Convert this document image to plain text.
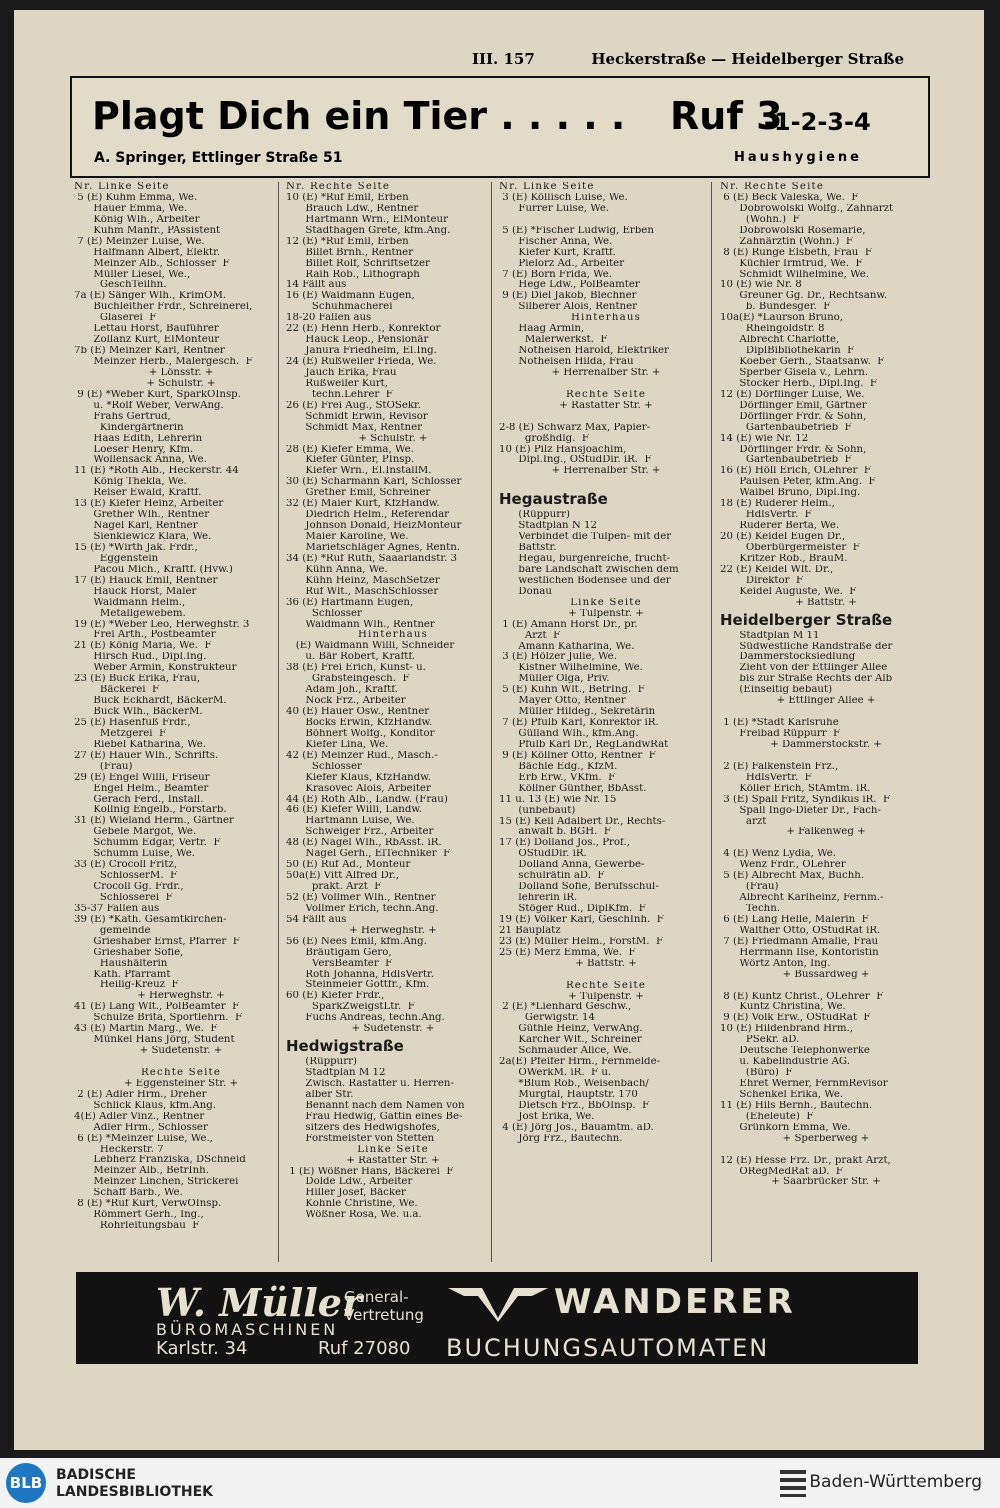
III. 157	Heckerstraße — Heidelberger Straße
Plagt Dich ein Tier . . . . . Ruf 3
-1-2-3-4
A. Springer, Ettlinger Straße 51	Haushygiene
Nr. Linke Seite
5 (E) Kuhm Emma, We.
Hauer Emma, We.
König Wlh., Arbeiter
Kuhm Manfr., PAssistent
7 (E) Meinzer Luise, We.
Halfmann Albert, Elektr.
Meinzer Alb., Schlosser  F
Müller Liesel, We.,
GeschTeilhn.
7a (E) Sänger Wlh., KrimOM.
Buchleither Frdr., Schreinerei,
Glaserei  F
Lettau Horst, Bauführer
Zollanz Kurt, ElMonteur
7b (E) Meinzer Karl, Rentner
Meinzer Herb., Malergesch.  F
+ Lönsstr. +
+ Schulstr. +
9 (E) *Weber Kurt, SparkOInsp.
u. *Rolf Weber, VerwAng.
Frahs Gertrud,
Kindergärtnerin
Haas Edith, Lehrerin
Loeser Henry, Kfm.
Wollensack Anna, We.
11 (E) *Roth Alb., Heckerstr. 44
König Thekla, We.
Reiser Ewald, Kraftf.
13 (E) Kiefer Heinz, Arbeiter
Grether Wlh., Rentner
Nagel Karl, Rentner
Sienkiewicz Klara, We.
15 (E) *Wirth Jak. Frdr.,
Eggenstein
Pacou Mich., Kraftf. (Hvw.)
17 (E) Hauck Emil, Rentner
Hauck Horst, Maler
Waidmann Helm.,
Metallgewebem.
19 (E) *Weber Leo, Herweghstr. 3
Frei Arth., Postbeamter
21 (E) König Maria, We.  F
Hirsch Rud., Dipl.Ing.
Weber Armin, Konstrukteur
23 (E) Buck Erika, Frau,
Bäckerei  F
Buck Eckhardt, BäckerM.
Buck Wlh., BäckerM.
25 (E) Hasenfuß Frdr.,
Metzgerei  F
Riebel Katharina, We.
27 (E) Hauer Wlh., Schrifts.
(Frau)
29 (E) Engel Willi, Friseur
Engel Helm., Beamter
Gerach Ferd., Install.
Kollnig Engelb., Forstarb.
31 (E) Wieland Herm., Gärtner
Gebele Margot, We.
Schumm Edgar, Vertr.  F
Schumm Luise, We.
33 (E) Crocoll Fritz,
SchlosserM.  F
Crocoll Gg. Frdr.,
Schlosserei  F
35-37 Fallen aus
39 (E) *Kath. Gesamtkirchen-
gemeinde
Grieshaber Ernst, Pfarrer  F
Grieshaber Sofie,
Haushälterin
Kath. Pfarramt
Heilig-Kreuz  F
+ Herweghstr. +
41 (E) Lang Wlt., PolBeamter  F
Schulze Brita, Sportlehrn.  F
43 (E) Martin Marg., We.  F
Münkel Hans Jörg, Student
+ Sudetenstr. +
Rechte Seite
+ Eggensteiner Str. +
2 (E) Adler Hrm., Dreher
Schlick Klaus, kfm.Ang.
4(E) Adler Vinz., Rentner
Adler Hrm., Schlosser
6 (E) *Meinzer Luise, We.,
Heckerstr. 7
Lebherz Franziska, DSchneid
Meinzer Alb., BetrInh.
Meinzer Linchen, Strickerei
Schaff Barb., We.
8 (E) *Ruf Kurt, VerwOInsp.
Römmert Gerh., Ing.,
Rohrleitungsbau  F
Nr. Rechte Seite
10 (E) *Ruf Emil, Erben
Brauch Ldw., Rentner
Hartmann Wrn., ElMonteur
Stadthagen Grete, kfm.Ang.
12 (E) *Ruf Emil, Erben
Billet Brnh., Rentner
Billet Rolf, Schriftsetzer
Raih Rob., Lithograph
14 Fällt aus
16 (E) Waidmann Eugen,
Schuhmacherei
18-20 Fallen aus
22 (E) Henn Herb., Konrektor
Hauck Leop., Pensionär
Janura Friedhelm, El.Ing.
24 (E) Rußweiler Frieda, We.
Jauch Erika, Frau
Rußweiler Kurt,
techn.Lehrer  F
26 (E) Frei Aug., StOSekr.
Schmidt Erwin, Revisor
Schmidt Max, Rentner
+ Schulstr. +
28 (E) Kiefer Emma, We.
Kiefer Günter, PInsp.
Kiefer Wrn., El.InstallM.
30 (E) Scharmann Karl, Schlosser
Grether Emil, Schreiner
32 (E) Maier Kurt, KfzHandw.
Diedrich Helm., Referendar
Johnson Donald, HeizMonteur
Maier Karoline, We.
Marietschläger Agnes, Rentn.
34 (E) *Ruf Ruth, Saaarlandstr. 3
Kühn Anna, We.
Kühn Heinz, MaschSetzer
Ruf Wlt., MaschSchlosser
36 (E) Hartmann Eugen,
Schlosser
Waidmann Wlh., Rentner
Hinterhaus
(E) Waidmann Willi, Schneider
u. Bär Robert, Kraftf.
38 (E) Frei Erich, Kunst- u.
Grabsteingesch.  F
Adam Joh., Kraftf.
Nock Frz., Arbeiter
40 (E) Hauer Osw., Rentner
Bocks Erwin, KfzHandw.
Böhnert Wolfg., Konditor
Kiefer Lina, We.
42 (E) Meinzer Rud., Masch.-
Schlosser
Kiefer Klaus, KfzHandw.
Krasovec Alois, Arbeiter
44 (E) Roth Alb., Landw. (Frau)
46 (E) Kiefer Willi, Landw.
Hartmann Luise, We.
Schweiger Frz., Arbeiter
48 (E) Nagel Wlh., RbAsst. iR.
Nagel Gerh., ElTechniker  F
50 (E) Ruf Ad., Monteur
50a(E) Vitt Alfred Dr.,
prakt. Arzt  F
52 (E) Vollmer Wlh., Rentner
Vollmer Erich, techn.Ang.
54 Fällt aus
+ Herweghstr. +
56 (E) Nees Emil, kfm.Ang.
Bräutigam Gero,
VersBeamter  F
Roth Johanna, HdlsVertr.
Steinmeier Gottfr., Kfm.
60 (E) Kiefer Frdr.,
SparkZweigstLtr.  F
Fuchs Andreas, techn.Ang.
+ Sudetenstr. +
Hedwigstraße
(Rüppurr)
Stadtplan M 12
Zwisch. Rastatter u. Herren-
alber Str.
Benannt nach dem Namen von
Frau Hedwig, Gattin eines Be-
sitzers des Hedwigshofes,
Forstmeister von Stetten
Linke Seite
+ Rastatter Str. +
1 (E) Wößner Hans, Bäckerei  F
Dolde Ldw., Arbeiter
Hiller Josef, Bäcker
Kohnle Christine, We.
Wößner Rosa, We. u.a.
Nr. Linke Seite
3 (E) Köllisch Luise, We.
Furrer Luise, We.
5 (E) *Fischer Ludwig, Erben
Fischer Anna, We.
Kiefer Kurt, Kraftf.
Pielorz Ad., Arbeiter
7 (E) Born Frida, We.
Hege Ldw., PolBeamter
9 (E) Diel Jakob, Blechner
Silberer Alois, Rentner
Hinterhaus
Haag Armin,
Malerwerkst.  F
Notheisen Harold, Elektriker
Notheisen Hilda, Frau
+ Herrenalber Str. +
Rechte Seite
+ Rastatter Str. +
2-8 (E) Schwarz Max, Papier-
großhdlg.  F
10 (E) Pilz Hansjoachim,
Dipl.Ing., OStudDir. iR.  F
+ Herrenalber Str. +
Hegaustraße
(Rüppurr)
Stadtplan N 12
Verbindet die Tulpen- mit der
Battstr.
Hegau, burgenreiche, frucht-
bare Landschaft zwischen dem
westlichen Bodensee und der
Donau
Linke Seite
+ Tulpenstr. +
1 (E) Amann Horst Dr., pr.
Arzt  F
Amann Katharina, We.
3 (E) Hölzer Julie, We.
Kistner Wilhelmine, We.
Müller Olga, Priv.
5 (E) Kuhn Wlt., BetrIng.  F
Mayer Otto, Rentner
Müller Hildeg., Sekretärin
7 (E) Pfulb Karl, Konrektor iR.
Gülland Wlh., kfm.Ang.
Pfulb Karl Dr., RegLandwRat
9 (E) Köllner Otto, Rentner  F
Bächle Edg., KfzM.
Erb Erw., VKfm.  F
Köllner Günther, BbAsst.
11 u. 13 (E) wie Nr. 15
(unbebaut)
15 (E) Keil Adalbert Dr., Rechts-
anwalt b. BGH.  F
17 (E) Dolland Jos., Prof.,
OStudDir. iR.
Dolland Anna, Gewerbe-
schulrätin aD.  F
Dolland Sofie, Berufsschul-
lehrerin iR.
Stöger Rud., DiplKfm.  F
19 (E) Völker Karl, GeschInh.  F
21 Bauplatz
23 (E) Müller Helm., ForstM.  F
25 (E) Merz Emma, We.  F
+ Battstr. +
Rechte Seite
+ Tulpenstr. +
2 (E) *Lienhard Geschw.,
Gerwigstr. 14
Güthle Heinz, VerwAng.
Karcher Wlt., Schreiner
Schmauder Alice, We.
2a(E) Pfeifer Hrm., Fernmelde-
OWerkM. iR.  F u.
*Blum Rob., Weisenbach/
Murgtal, Hauptstr. 170
Dietsch Frz., BbOInsp.  F
Jost Erika, We.
4 (E) Jörg Jos., Bauamtm. aD.
Jörg Frz., Bautechn.
Nr. Rechte Seite
6 (E) Beck Valeska, We.  F
Dobrowolski Wolfg., Zahnarzt
(Wohn.)  F
Dobrowolski Rosemarie,
Zahnärztin (Wohn.)  F
8 (E) Runge Elsbeth, Frau  F
Küchler Irmtrud, We.  F
Schmidt Wilhelmine, We.
10 (E) wie Nr. 8
Greuner Gg. Dr., Rechtsanw.
b. Bundesger.  F
10a(E) *Laurson Bruno,
Rheingoldstr. 8
Albrecht Charlotte,
DiplBibliothekarin  F
Koeber Gerh., Staatsanw.  F
Sperber Gisela v., Lehrn.
Stocker Herb., Dipl.Ing.  F
12 (E) Dörflinger Luise, We.
Dörflinger Emil, Gärtner
Dörflinger Frdr. & Sohn,
Gartenbaubetrieb  F
14 (E) wie Nr. 12
Dörflinger Frdr. & Sohn,
Gartenbaubetrieb  F
16 (E) Höll Erich, OLehrer  F
Paulsen Peter, kfm.Ang.  F
Waibel Bruno, Dipl.Ing.
18 (E) Ruderer Helm.,
HdlsVertr.  F
Ruderer Berta, We.
20 (E) Keidel Eugen Dr.,
Oberbürgermeister  F
Kritzer Rob., BrauM.
22 (E) Keidel Wlt. Dr.,
Direktor  F
Keidel Auguste, We.  F
+ Battstr. +
Heidelberger Straße
Stadtplan M 11
Südwestliche Randstraße der
Dammerstocksiedlung
Zieht von der Ettlinger Allee
bis zur Straße Rechts der Alb
(Einseitig bebaut)
+ Ettlinger Allee +
1 (E) *Stadt Karlsruhe
Freibad Rüppurr  F
+ Dammerstockstr. +
2 (E) Falkenstein Frz.,
HdlsVertr.  F
Köller Erich, StAmtm. iR.
3 (E) Spall Fritz, Syndikus iR.  F
Spall Ingo-Dieter Dr., Fach-
arzt
+ Falkenweg +
4 (E) Wenz Lydia, We.
Wenz Frdr., OLehrer
5 (E) Albrecht Max, Buchh.
(Frau)
Albrecht Karlheinz, Fernm.-
Techn.
6 (E) Lang Helle, Malerin  F
Walther Otto, OStudRat iR.
7 (E) Friedmann Amalie, Frau
Herrmann Ilse, Kontoristin
Wörtz Anton, Ing.
+ Bussardweg +
8 (E) Kuntz Christ., OLehrer  F
Kuntz Christina, We.
9 (E) Volk Erw., OStudRat  F
10 (E) Hildenbrand Hrm.,
PSekr. aD.
Deutsche Telephonwerke
u. Kabelindustrie AG.
(Büro)  F
Ehret Werner, FernmRevisor
Schenkel Erika, We.
11 (E) Hils Bernh., Bautechn.
(Eheleute)  F
Grünkorn Emma, We.
+ Sperberweg +
12 (E) Hesse Frz. Dr., prakt Arzt,
ORegMedRat aD.  F
+ Saarbrücker Str. +
W. Müller
General-
Vertretung
BÜROMASCHINEN
Karlstr. 34	Ruf 27080
WANDERER
BUCHUNGSAUTOMATEN
BLB BADISCHE
LANDESBIBLIOTHEK	Baden-Württemberg
